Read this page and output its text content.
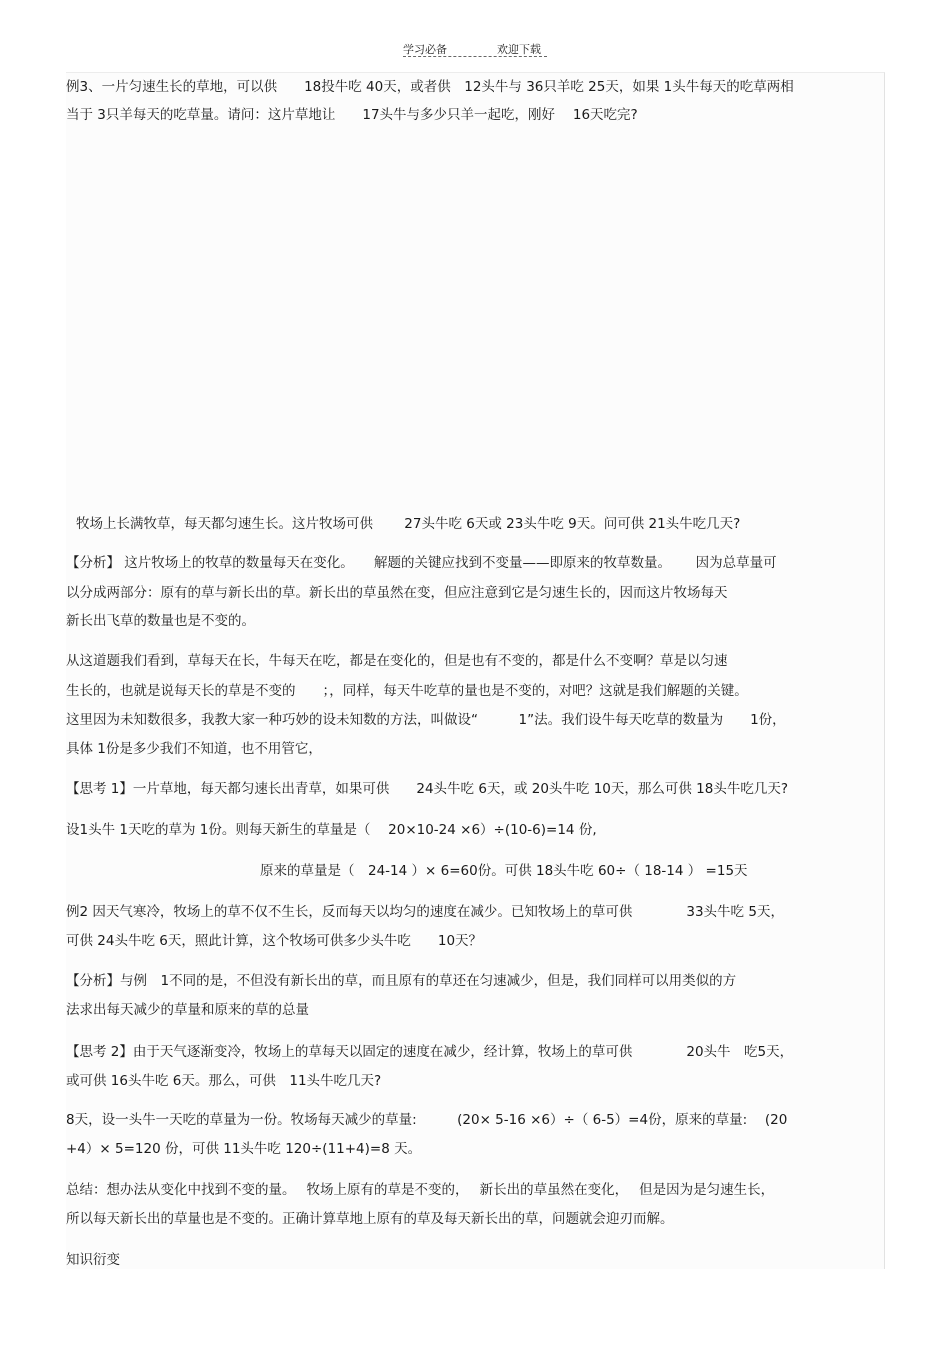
学习必备	欢迎下载
例3、一片匀速生长的草地，可以供　　18投牛吃 40天，或者供　12头牛与 36只羊吃 25天，如果 1头牛每天的吃草两相
当于 3只羊每天的吃草量。请问：这片草地让　　17头牛与多少只羊一起吃，刚好　 16天吃完?
牧场上长满牧草，每天都匀速生长。这片牧场可供　　 27头牛吃 6天或 23头牛吃 9天。问可供 21头牛吃几天?
【分析】 这片牧场上的牧草的数量每天在变化。　　解题的关键应找到不变量——即原来的牧草数量。　　 因为总草量可
以分成两部分：原有的草与新长出的草。新长出的草虽然在变，但应注意到它是匀速生长的，因而这片牧场每天
新长出飞草的数量也是不变的。
从这道题我们看到，草每天在长，牛每天在吃，都是在变化的，但是也有不变的，都是什么不变啊？草是以匀速
生长的，也就是说每天长的草是不变的　　；，同样，每天牛吃草的量也是不变的，对吧？这就是我们解题的关键。
这里因为未知数很多，我教大家一种巧妙的设未知数的方法，叫做设“　　　1”法。我们设牛每天吃草的数量为　　1份，
具体 1份是多少我们不知道，也不用管它，
【思考 1】一片草地，每天都匀速长出青草，如果可供　　24头牛吃 6天，或 20头牛吃 10天，那么可供 18头牛吃几天?
设1头牛 1天吃的草为 1份。则每天新生的草量是（　 20×10-24 ×6）÷(10-6)=14 份,
原来的草量是（　24-14 ）× 6=60份。可供 18头牛吃 60÷（ 18-14 ） =15天
例2 因天气寒冷，牧场上的草不仅不生长，反而每天以均匀的速度在减少。已知牧场上的草可供　　　　33头牛吃 5天，
可供 24头牛吃 6天，照此计算，这个牧场可供多少头牛吃　　10天？
【分析】与例　1不同的是，不但没有新长出的草，而且原有的草还在匀速减少，但是，我们同样可以用类似的方
法求出每天减少的草量和原来的草的总量
【思考 2】由于天气逐渐变冷，牧场上的草每天以固定的速度在减少，经计算，牧场上的草可供　　　　20头牛　吃5天，
或可供 16头牛吃 6天。那么，可供　11头牛吃几天?
8天，设一头牛一天吃的草量为一份。牧场每天减少的草量:　　　(20× 5-16 ×6）÷（ 6-5）=4份，原来的草量:　 (20
+4）× 5=120 份，可供 11头牛吃 120÷(11+4)=8 天。
总结：想办法从变化中找到不变的量。　 牧场上原有的草是不变的，　 新长出的草虽然在变化，　 但是因为是匀速生长，
所以每天新长出的草量也是不变的。正确计算草地上原有的草及每天新长出的草，问题就会迎刃而解。
知识衍变
